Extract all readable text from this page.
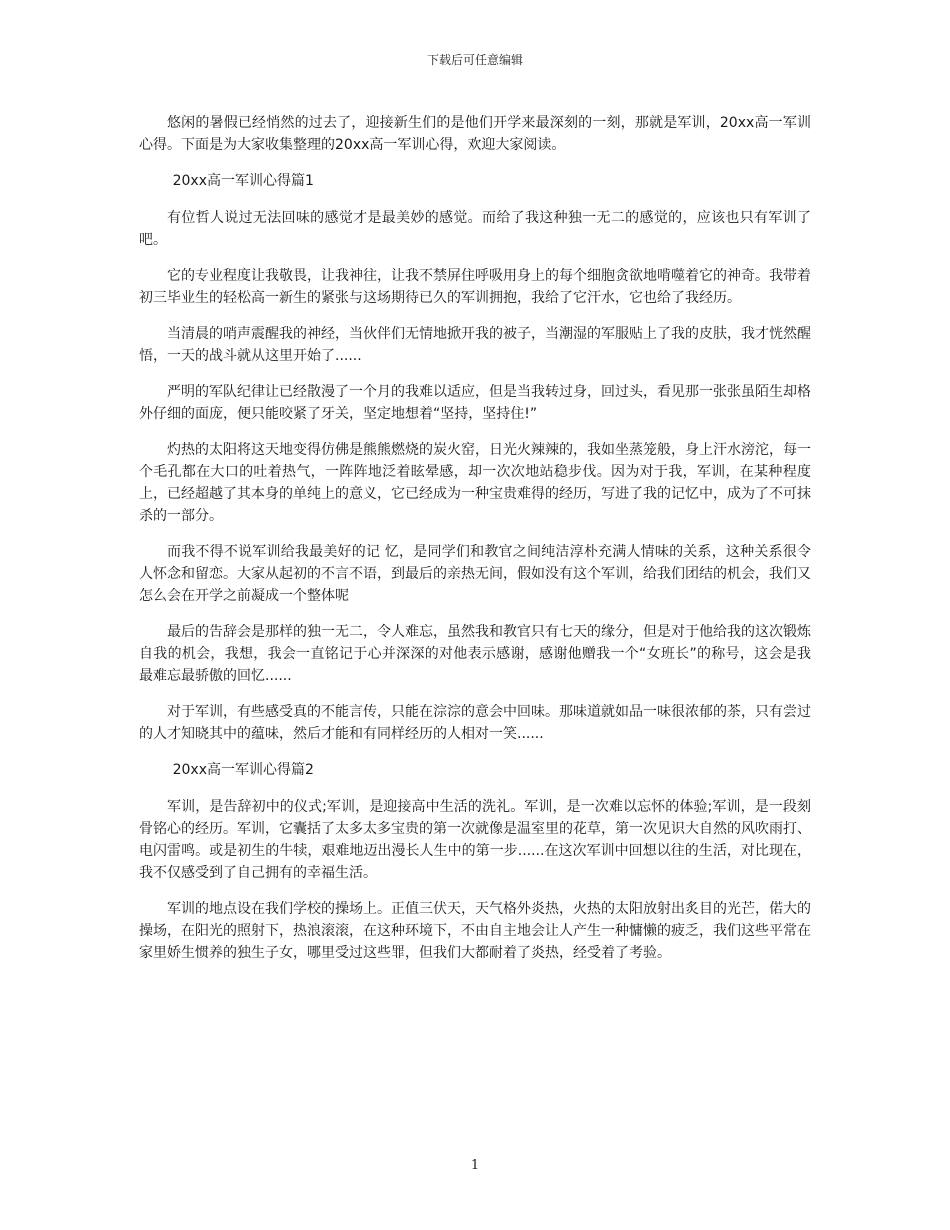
下载后可任意编辑

悠闲的暑假已经悄然的过去了，迎接新生们的是他们开学来最深刻的一刻，那就是军训，20xx高一军训心得。下面是为大家收集整理的20xx高一军训心得，欢迎大家阅读。

20xx高一军训心得篇1

有位哲人说过无法回味的感觉才是最美妙的感觉。而给了我这种独一无二的感觉的，应该也只有军训了吧。

它的专业程度让我敬畏，让我神往，让我不禁屏住呼吸用身上的每个细胞贪欲地啃噬着它的神奇。我带着初三毕业生的轻松高一新生的紧张与这场期待已久的军训拥抱，我给了它汗水，它也给了我经历。

当清晨的哨声震醒我的神经，当伙伴们无情地掀开我的被子，当潮湿的军服贴上了我的皮肤，我才恍然醒悟，一天的战斗就从这里开始了......

严明的军队纪律让已经散漫了一个月的我难以适应，但是当我转过身，回过头，看见那一张张虽陌生却格外仔细的面庞，便只能咬紧了牙关，坚定地想着“坚持，坚持住!”

灼热的太阳将这天地变得仿佛是熊熊燃烧的炭火窑，日光火辣辣的，我如坐蒸笼般，身上汗水滂沱，每一个毛孔都在大口的吐着热气，一阵阵地泛着眩晕感，却一次次地站稳步伐。因为对于我，军训，在某种程度上，已经超越了其本身的单纯上的意义，它已经成为一种宝贵难得的经历，写进了我的记忆中，成为了不可抹杀的一部分。

而我不得不说军训给我最美好的记 忆，是同学们和教官之间纯洁淳朴充满人情味的关系，这种关系很令人怀念和留恋。大家从起初的不言不语，到最后的亲热无间，假如没有这个军训，给我们团结的机会，我们又怎么会在开学之前凝成一个整体呢

最后的告辞会是那样的独一无二，令人难忘，虽然我和教官只有七天的缘分，但是对于他给我的这次锻炼自我的机会，我想，我会一直铭记于心并深深的对他表示感谢，感谢他赠我一个“女班长”的称号，这会是我最难忘最骄傲的回忆......

对于军训，有些感受真的不能言传，只能在淙淙的意会中回味。那味道就如品一味很浓郁的茶，只有尝过的人才知晓其中的蕴味，然后才能和有同样经历的人相对一笑......

20xx高一军训心得篇2

军训，是告辞初中的仪式;军训，是迎接高中生活的洗礼。军训，是一次难以忘怀的体验;军训，是一段刻骨铭心的经历。军训，它囊括了太多太多宝贵的第一次就像是温室里的花草，第一次见识大自然的风吹雨打、电闪雷鸣。或是初生的牛犊，艰难地迈出漫长人生中的第一步......在这次军训中回想以往的生活，对比现在，我不仅感受到了自己拥有的幸福生活。

军训的地点设在我们学校的操场上。正值三伏天，天气格外炎热，火热的太阳放射出炙目的光芒，偌大的操场，在阳光的照射下，热浪滚滚，在这种环境下，不由自主地会让人产生一种慵懒的疲乏，我们这些平常在家里娇生惯养的独生子女，哪里受过这些罪，但我们大都耐着了炎热，经受着了考验。

1
